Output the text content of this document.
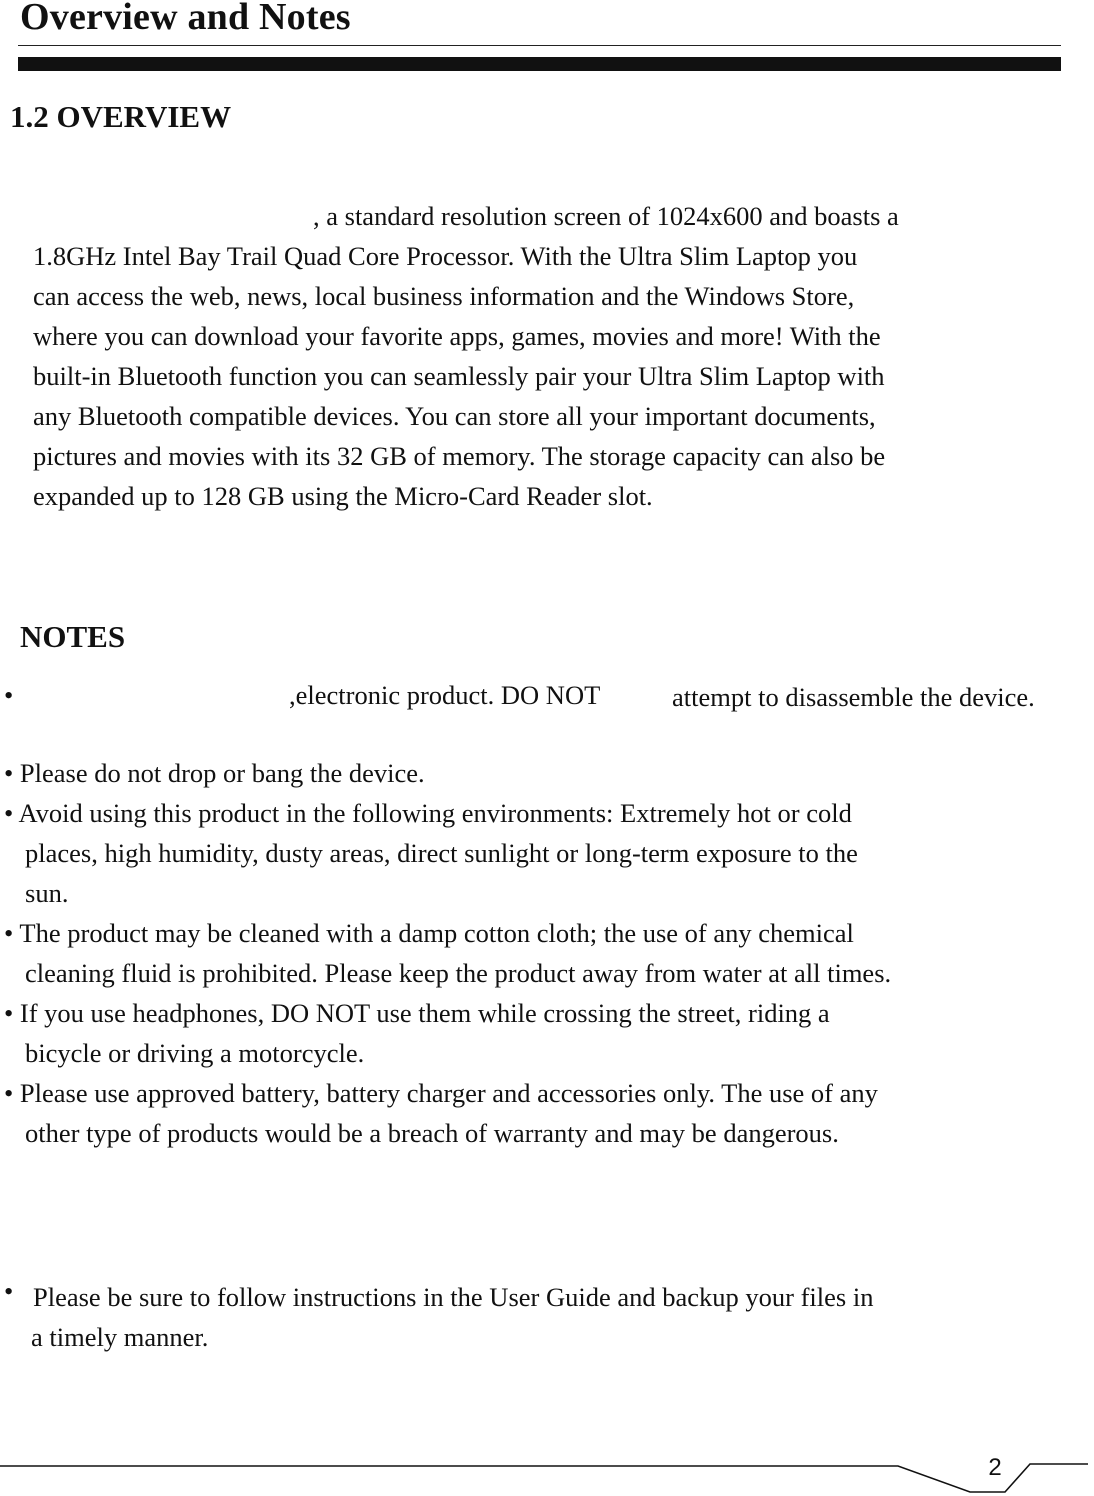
Overview and Notes
1.2 OVERVIEW
, a standard resolution screen of 1024x600 and boasts a
1.8GHz Intel Bay Trail Quad Core Processor. With the Ultra Slim Laptop you
can access the web, news, local business information and the Windows Store,
where you can download your favorite apps, games, movies and more! With the
built-in Bluetooth function you can seamlessly pair your Ultra Slim Laptop with
any Bluetooth compatible devices. You can store all your important documents,
pictures and movies with its 32 GB of memory. The storage capacity can also be
expanded up to 128 GB using the Micro-Card Reader slot.
NOTES
•	,electronic product. DO NOT	attempt to disassemble the device.
• Please do not drop or bang the device.
• Avoid using this product in the following environments: Extremely hot or cold
places, high humidity, dusty areas, direct sunlight or long-term exposure to the
sun.
• The product may be cleaned with a damp cotton cloth; the use of any chemical
cleaning fluid is prohibited. Please keep the product away from water at all times.
• If you use headphones, DO NOT use them while crossing the street, riding a
bicycle or driving a motorcycle.
• Please use approved battery, battery charger and accessories only. The use of any
other type of products would be a breach of warranty and may be dangerous.
• Please be sure to follow instructions in the User Guide and backup your files in
a timely manner.
2
